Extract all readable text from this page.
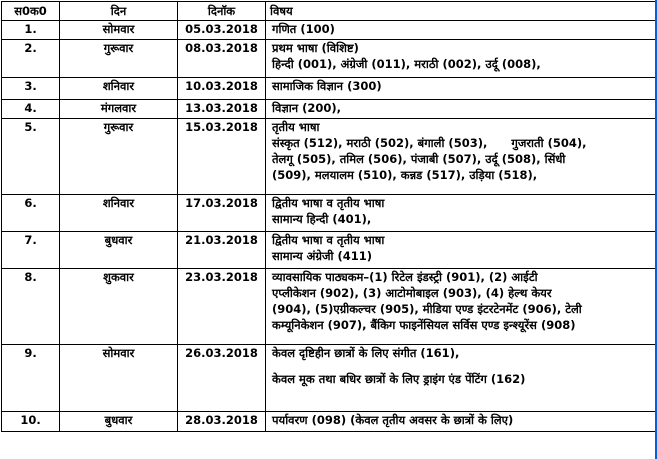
स0क0	दिन	दिनॉक	विषय
1.	सोमवार	05.03.2018	गणित (100)

2.	गुरूवार	08.03.2018	प्रथम भाषा (विशिष्ट)
हिन्दी (001), अंग्रेजी (011), मराठी (002), उर्दू (008),

3.	शनिवार	10.03.2018	सामाजिक विज्ञान (300)

4.	मंगलवार	13.03.2018	विज्ञान (200),

5.	गुरूवार	15.03.2018	तृतीय भाषा
संस्कृत (512), मराठी (502), बंगाली (503),      गुजराती (504),
तेलगू (505), तमिल (506), पंजाबी (507), उर्दू (508), सिंधी
(509), मलयालम (510), कन्नड (517), उड़िया (518),

6.	शनिवार	17.03.2018	द्वितीय भाषा व तृतीय भाषा
सामान्य हिन्दी (401),

7.	बुधवार	21.03.2018	द्वितीय भाषा व तृतीय भाषा
सामान्य अंग्रेजी (411)

8.	शुकवार	23.03.2018	व्यावसायिक पाठ्यकम–(1) रिटेल इंडस्ट्री (901), (2) आईटी
एप्लीकेशन (902), (3) आटोमोबाइल (903), (4) हेल्थ केयर
(904), (5)एग्रीकल्चर (905), मीडिया एण्ड इंटरटेनमेंट (906), टेली
कम्यूनिकेशन (907), बैंकिग फाइनेंसियल सर्विस एण्ड इन्श्यूरेंस (908)

9.	सोमवार	26.03.2018	केवल दृष्टिहीन छात्रों के लिए संगीत (161),
केवल मूक तथा बधिर छात्रों के लिए ड्राइंग एंड पेंटिंग (162)

10.	बुधवार	28.03.2018	पर्यावरण (098) (केवल तृतीय अवसर के छात्रों के लिए)
